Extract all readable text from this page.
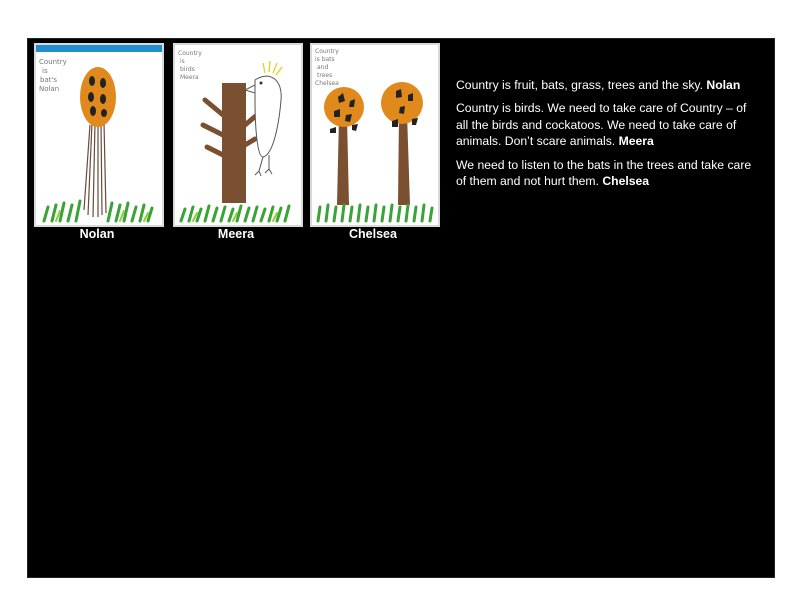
Country
is
bat's
Nolan
Country
is
birds
Meera
Country
is bats
and
trees
Chelsea
Nolan	Meera	Chelsea

Country is fruit, bats, grass, trees and the sky. Nolan

Country is birds. We need to take care of Country – of all the birds and cockatoos. We need to take care of animals. Don’t scare animals. Meera

We need to listen to the bats in the trees and take care of them and not hurt them. Chelsea
